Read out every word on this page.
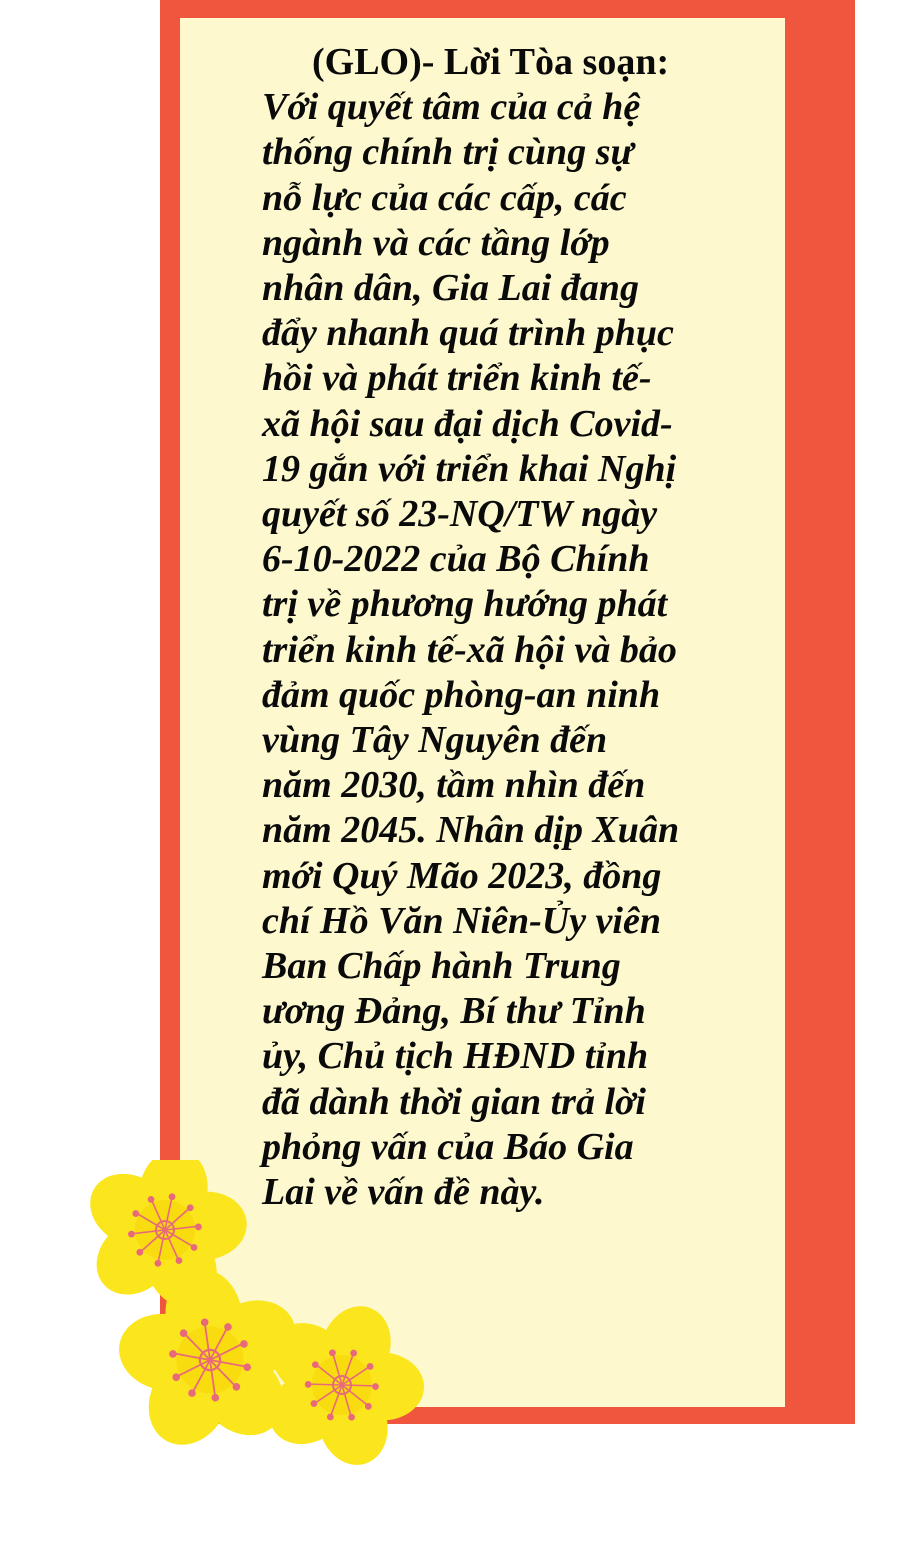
(GLO)- Lời Tòa soạn: Với quyết tâm của cả hệ thống chính trị cùng sự nỗ lực của các cấp, các ngành và các tầng lớp nhân dân, Gia Lai đang đẩy nhanh quá trình phục hồi và phát triển kinh tế-xã hội sau đại dịch Covid-19 gắn với triển khai Nghị quyết số 23-NQ/TW ngày 6-10-2022 của Bộ Chính trị về phương hướng phát triển kinh tế-xã hội và bảo đảm quốc phòng-an ninh vùng Tây Nguyên đến năm 2030, tầm nhìn đến năm 2045. Nhân dịp Xuân mới Quý Mão 2023, đồng chí Hồ Văn Niên-Ủy viên Ban Chấp hành Trung ương Đảng, Bí thư Tỉnh ủy, Chủ tịch HĐND tỉnh đã dành thời gian trả lời phỏng vấn của Báo Gia Lai về vấn đề này.
